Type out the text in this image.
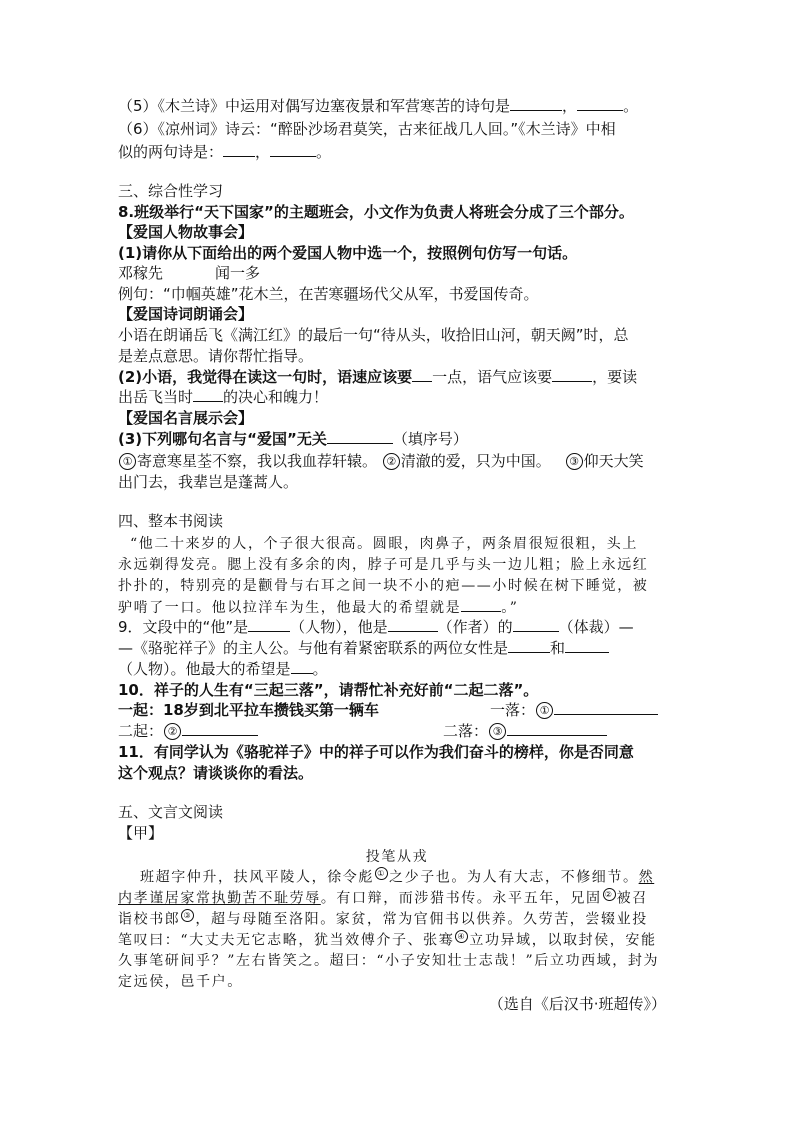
（5）《木兰诗》中运用对偶写边塞夜景和军营寒苦的诗句是	，	。
（6）《凉州词》诗云：“醉卧沙场君莫笑，古来征战几人回。”《木兰诗》中相
似的两句诗是： ，	。
三、综合性学习
8.班级举行“天下国家”的主题班会，小文作为负责人将班会分成了三个部分。
【爱国人物故事会】
(1)请你从下面给出的两个爱国人物中选一个，按照例句仿写一句话。
邓稼先	闻一多
例句：“巾帼英雄”花木兰，在苦寒疆场代父从军，书爱国传奇。
【爱国诗词朗诵会】
小语在朗诵岳飞《满江红》的最后一句“待从头，收拾旧山河，朝天阙”时，总
是差点意思。请你帮忙指导。
(2)小语，我觉得在读这一句时，语速应该要 一点，语气应该要	，要读
出岳飞当时 的决心和魄力！
【爱国名言展示会】
(3)下列哪句名言与“爱国”无关	（填序号）
① 寄意寒星荃不察，我以我血荐轩辕。 ② 清澈的爱，只为中国。 ③ 仰天大笑
出门去，我辈岂是蓬蒿人。
四、整本书阅读
“他二十来岁的人，个子很大很高。圆眼，肉鼻子，两条眉很短很粗，头上
永远剃得发亮。腮上没有多余的肉，脖子可是几乎与头一边儿粗；脸上永远红
扑扑的，特别亮的是颧骨与右耳之间一块不小的疤——小时候在树下睡觉，被
驴啃了一口。他以拉洋车为生，他最大的希望就是	。”
9．文段中的“他”是	（人物），他是	（作者）的	（体裁）—
—《骆驼祥子》的主人公。与他有着紧密联系的两位女性是	和
（人物）。他最大的希望是 。
10．祥子的人生有“三起三落”，请帮忙补充好前“二起二落”。
一起：18岁到北平拉车攒钱买第一辆车	一落： ①
二起： ②	二落： ③
11．有同学认为《骆驼祥子》中的祥子可以作为我们奋斗的榜样，你是否同意
这个观点？请谈谈你的看法。
五、文言文阅读
【甲】
投笔从戎
班超字仲升，扶风平陵人，徐令彪 ① 之少子也。为人有大志，不修细节。然
内孝谨居家常执勤苦不耻劳辱。有口辩，而涉猎书传。永平五年，兄固 ② 被召
诣校书郎 ③ ，超与母随至洛阳。家贫，常为官佣书以供养。久劳苦，尝辍业投
笔叹曰：“大丈夫无它志略，犹当效傅介子、张骞 ④ 立功异域，以取封侯，安能
久事笔研间乎？”左右皆笑之。超曰：“小子安知壮士志哉！”后立功西域，封为
定远侯，邑千户。
（选自《后汉书·班超传》）
